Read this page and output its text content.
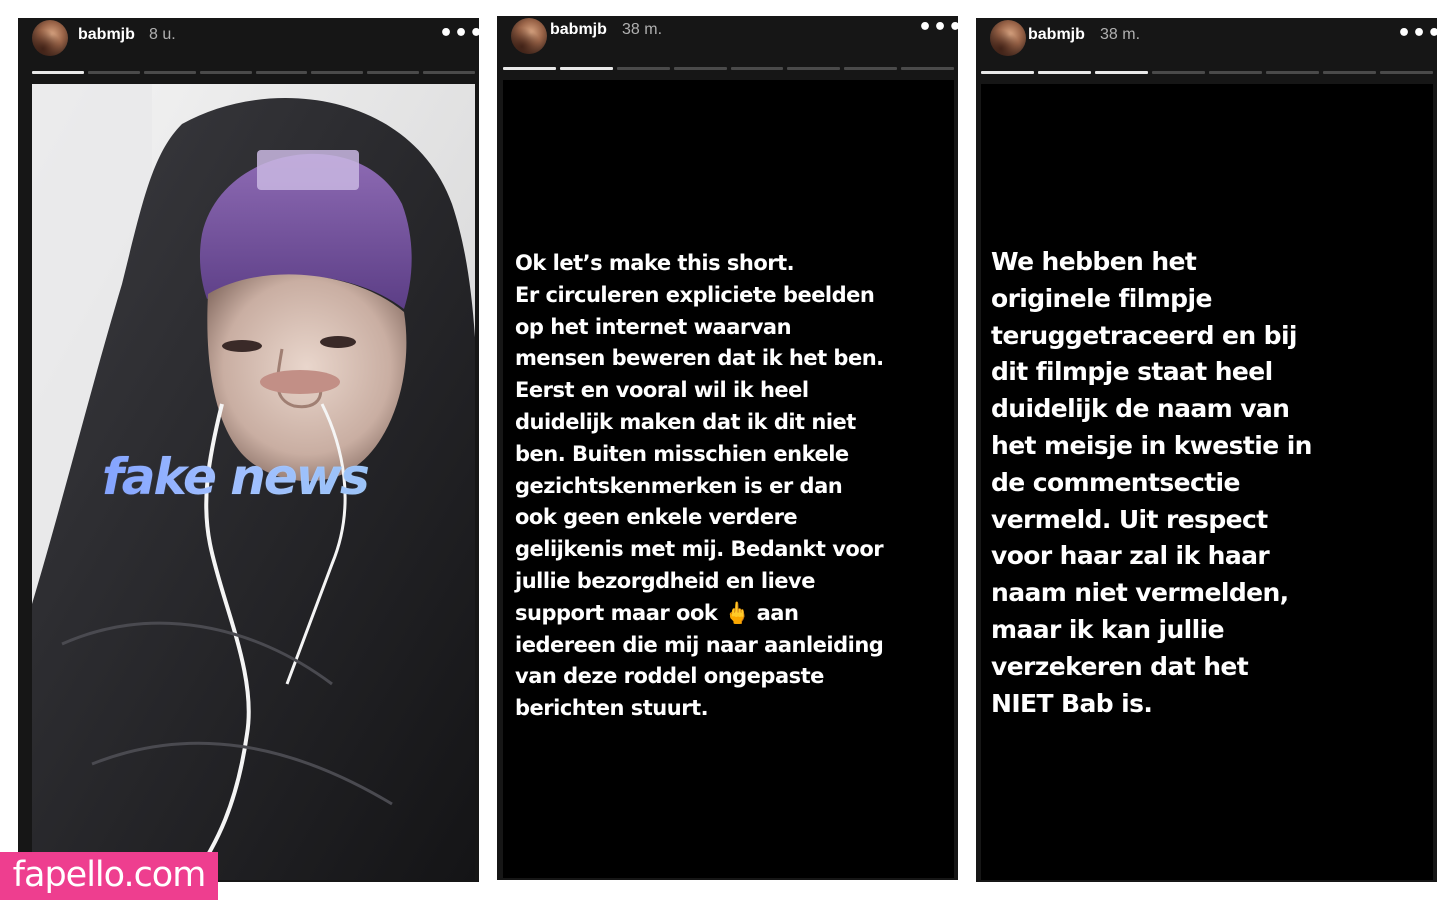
babmjb 8 u.	•••
fake news
babmjb 38 m.	•••
Ok let’s make this short.
Er circuleren expliciete beelden
op het internet waarvan
mensen beweren dat ik het ben.
Eerst en vooral wil ik heel
duidelijk maken dat ik dit niet
ben. Buiten misschien enkele
gezichtskenmerken is er dan
ook geen enkele verdere
gelijkenis met mij. Bedankt voor
jullie bezorgdheid en lieve
support maar ook 🖕 aan
iedereen die mij naar aanleiding
van deze roddel ongepaste
berichten stuurt.
babmjb 38 m.	•••
We hebben het
originele filmpje
teruggetraceerd en bij
dit filmpje staat heel
duidelijk de naam van
het meisje in kwestie in
de commentsectie
vermeld. Uit respect
voor haar zal ik haar
naam niet vermelden,
maar ik kan jullie
verzekeren dat het
NIET Bab is.
fapello.com
